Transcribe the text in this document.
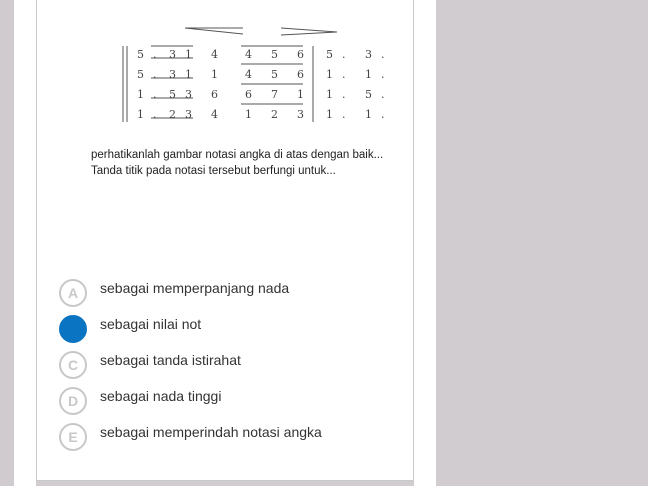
5 . 3 1 4 4 5 6 5 . 3 .
5 . 3 1 1 4 5 6 1 . 1 .
1 . 5 3 6 6 7 1 1 . 5 .
1 . 2 3 4 1 2 3 1 . 1 .

perhatikanlah gambar notasi angka di atas dengan baik...

Tanda titik pada notasi tersebut berfungi untuk...

A	sebagai memperpanjang nada
B	sebagai nilai not
C	sebagai tanda istirahat
D	sebagai nada tinggi
E	sebagai memperindah notasi angka
